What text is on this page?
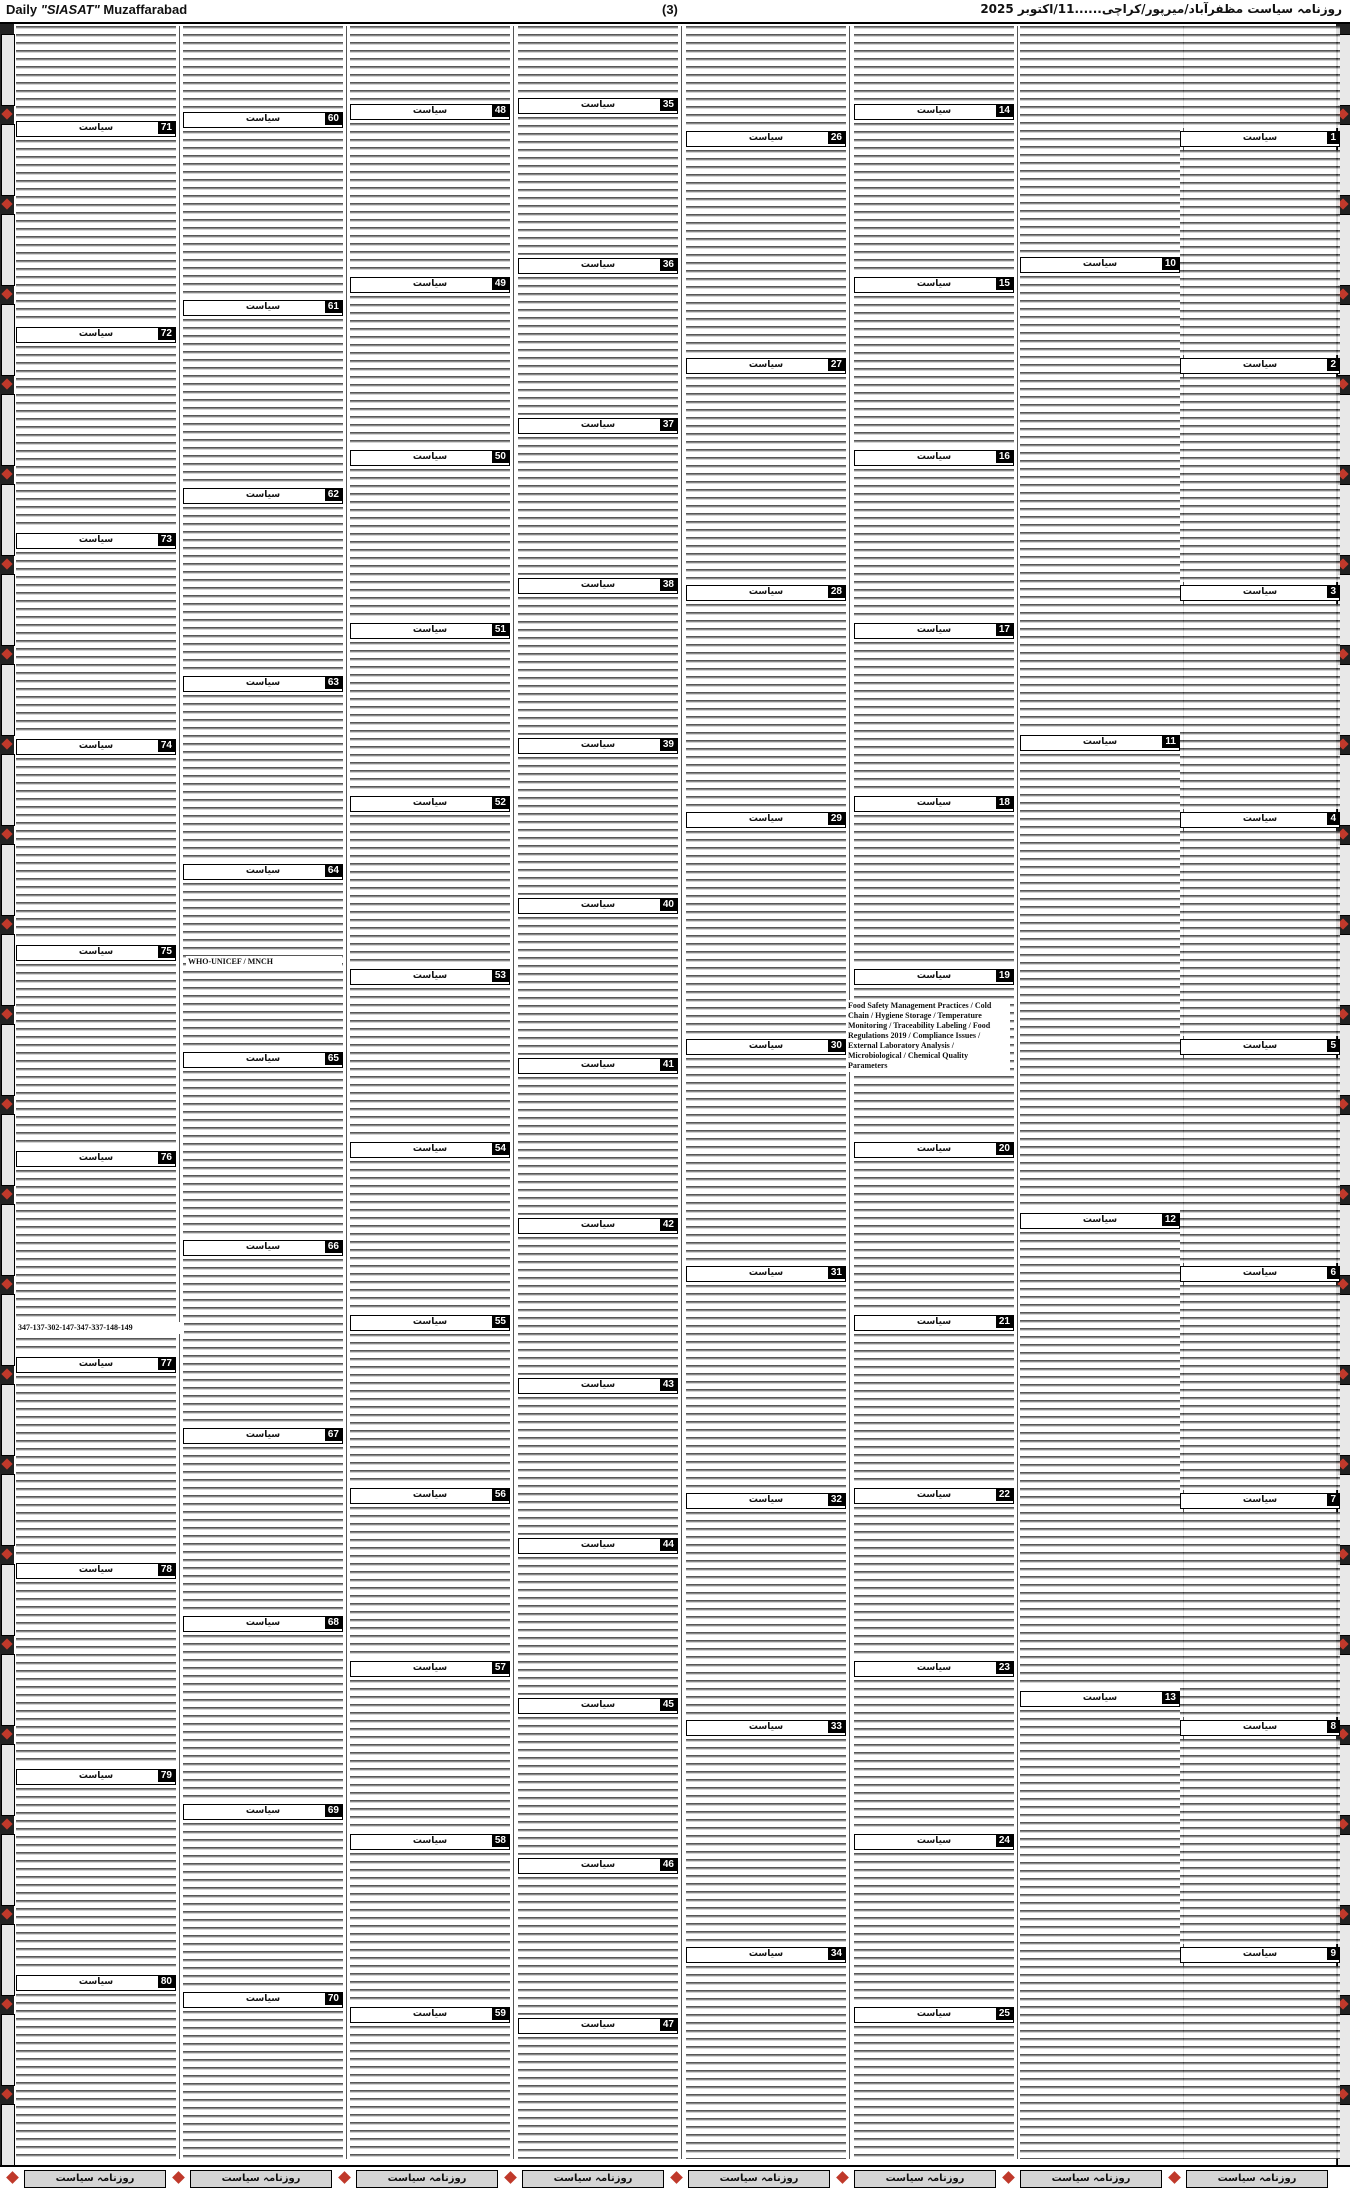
Daily "SIASAT" Muzaffarabad	(3)	روزنامہ سیاست مظفرآباد/میرپور/کراچی......11/اکتوبر 2025
سیاست	71
سیاست	72
سیاست	73
سیاست	74
سیاست	75
سیاست	76
سیاست	77
سیاست	78
سیاست	79
سیاست	80
سیاست	60
سیاست	61
سیاست	62
سیاست	63
سیاست	64
سیاست	65
سیاست	66
سیاست	67
سیاست	68
سیاست	69
سیاست	70
سیاست	48
سیاست	49
سیاست	50
سیاست	51
سیاست	52
سیاست	53
سیاست	54
سیاست	55
سیاست	56
سیاست	57
سیاست	58
سیاست	59
سیاست	35
سیاست	36
سیاست	37
سیاست	38
سیاست	39
سیاست	40
سیاست	41
سیاست	42
سیاست	43
سیاست	44
سیاست	45
سیاست	46
سیاست	47
سیاست	26
سیاست	27
سیاست	28
سیاست	29
سیاست	30
سیاست	31
سیاست	32
سیاست	33
سیاست	34
سیاست	14
سیاست	15
سیاست	16
سیاست	17
سیاست	18
سیاست	19
سیاست	20
سیاست	21
سیاست	22
سیاست	23
سیاست	24
سیاست	25
سیاست	10
سیاست	11
سیاست	12
سیاست	13
سیاست	1
سیاست	2
سیاست	3
سیاست	4
سیاست	5
سیاست	6
سیاست	7
سیاست	8
سیاست	9
347-137-302-147-347-337-148-149
WHO-UNICEF / MNCH
Food Safety Management Practices / Cold Chain / Hygiene Storage / Temperature Monitoring / Traceability Labeling / Food Regulations 2019 / Compliance Issues / External Laboratory Analysis / Microbiological / Chemical Quality Parameters
روزنامہ سیاست	روزنامہ سیاست	روزنامہ سیاست	روزنامہ سیاست	روزنامہ سیاست	روزنامہ سیاست	روزنامہ سیاست	روزنامہ سیاست
